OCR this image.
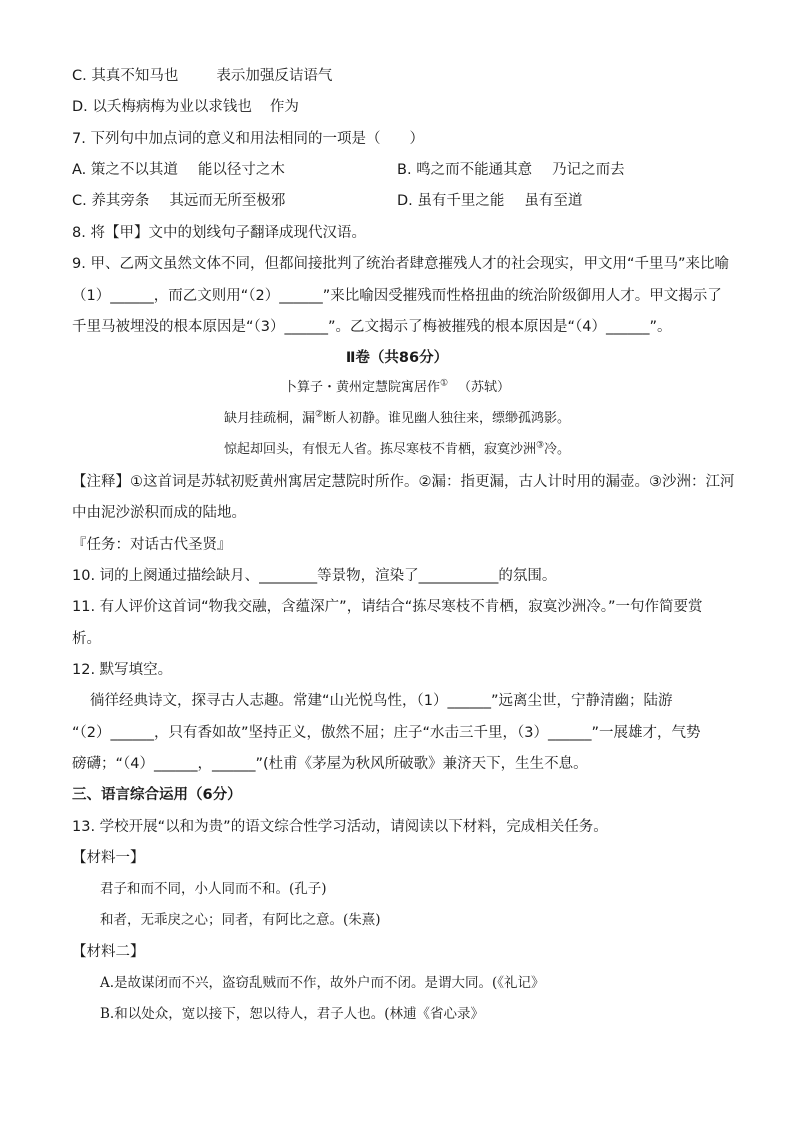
C. 其真不知马也	表示加强反诘语气
D. 以夭梅病梅为业以求钱也 作为
7. 下列句中加点词的意义和用法相同的一项是（　　）
A. 策之不以其道 能以径寸之木	B. 鸣之而不能通其意 乃记之而去
C. 养其旁条 其远而无所至极邪	D. 虽有千里之能 虽有至道
8. 将【甲】文中的划线句子翻译成现代汉语。
9. 甲、乙两文虽然文体不同，但都间接批判了统治者肆意摧残人才的社会现实，甲文用“千里马”来比喻
（1）______，而乙文则用“（2）______”来比喻因受摧残而性格扭曲的统治阶级御用人才。甲文揭示了
千里马被埋没的根本原因是“（3）______”。乙文揭示了梅被摧残的根本原因是“（4）______”。
Ⅱ卷（共86分）
卜算子・黄州定慧院寓居作① （苏轼）
缺月挂疏桐，漏②断人初静。谁见幽人独往来，缥缈孤鸿影。
惊起却回头，有恨无人省。拣尽寒枝不肯栖，寂寞沙洲③冷。
【注释】①这首词是苏轼初贬黄州寓居定慧院时所作。②漏：指更漏，古人计时用的漏壶。③沙洲：江河
中由泥沙淤积而成的陆地。
『任务：对话古代圣贤』
10. 词的上阕通过描绘缺月、________等景物，渲染了___________的氛围。
11. 有人评价这首词“物我交融，含蕴深广”，请结合“拣尽寒枝不肯栖，寂寞沙洲冷。”一句作简要赏
析。
12. 默写填空。
徜徉经典诗文，探寻古人志趣。常建“山光悦鸟性，（1）______”远离尘世，宁静清幽；陆游
“（2）______，只有香如故”坚持正义，傲然不屈；庄子“水击三千里，（3）______”一展雄才，气势
磅礴；“（4）______，______”(杜甫《茅屋为秋风所破歌》兼济天下，生生不息。
三、语言综合运用（6分）
13. 学校开展“以和为贵”的语文综合性学习活动，请阅读以下材料，完成相关任务。
【材料一】
君子和而不同，小人同而不和。(孔子)
和者，无乖戾之心；同者，有阿比之意。(朱熹)
【材料二】
A.是故谋闭而不兴，盗窃乱贼而不作，故外户而不闭。是谓大同。(《礼记》
B.和以处众，宽以接下，恕以待人，君子人也。(林逋《省心录》
